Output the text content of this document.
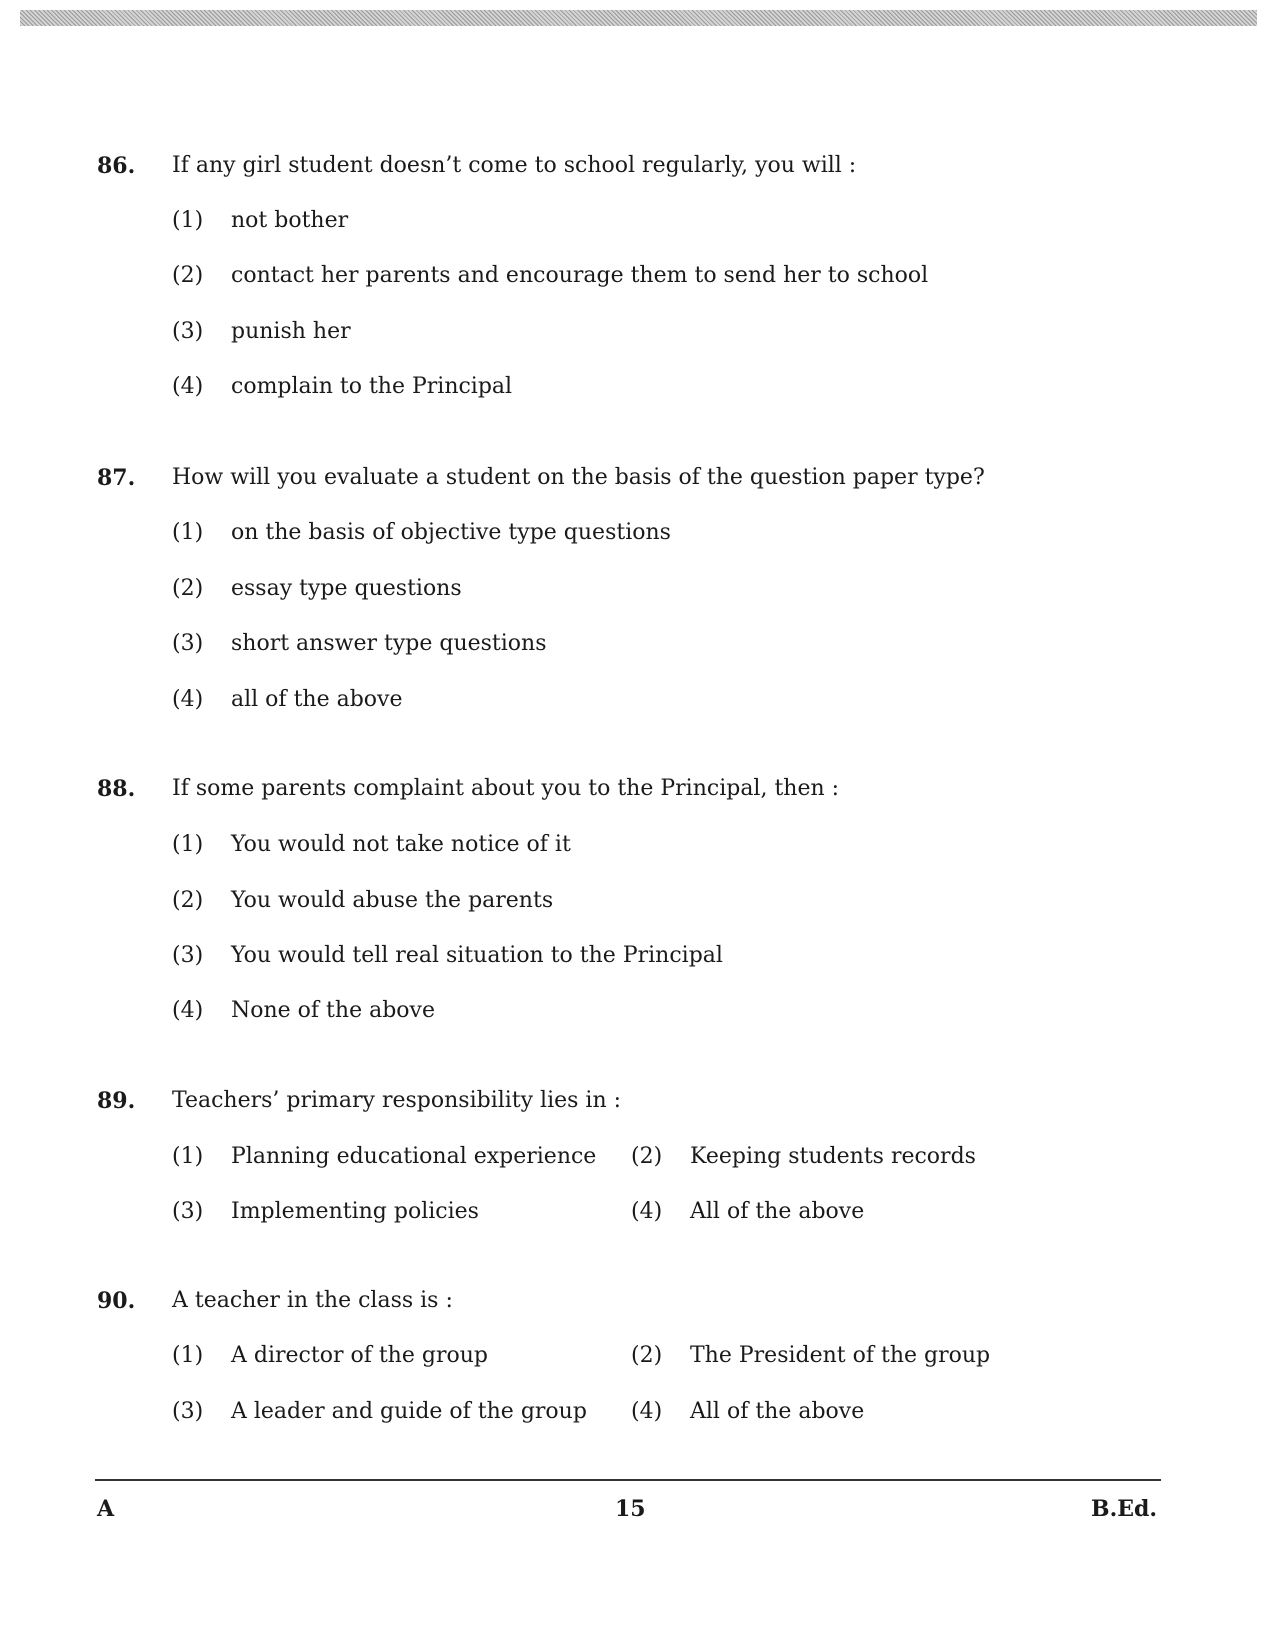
86. If any girl student doesn’t come to school regularly, you will :
(1) not bother
(2) contact her parents and encourage them to send her to school
(3) punish her
(4) complain to the Principal
87. How will you evaluate a student on the basis of the question paper type?
(1) on the basis of objective type questions
(2) essay type questions
(3) short answer type questions
(4) all of the above
88. If some parents complaint about you to the Principal, then :
(1) You would not take notice of it
(2) You would abuse the parents
(3) You would tell real situation to the Principal
(4) None of the above
89. Teachers’ primary responsibility lies in :
(1) Planning educational experience (2) Keeping students records
(3) Implementing policies	(4) All of the above
90. A teacher in the class is :
(1) A director of the group	(2) The President of the group
(3) A leader and guide of the group (4) All of the above
A	15	B.Ed.
